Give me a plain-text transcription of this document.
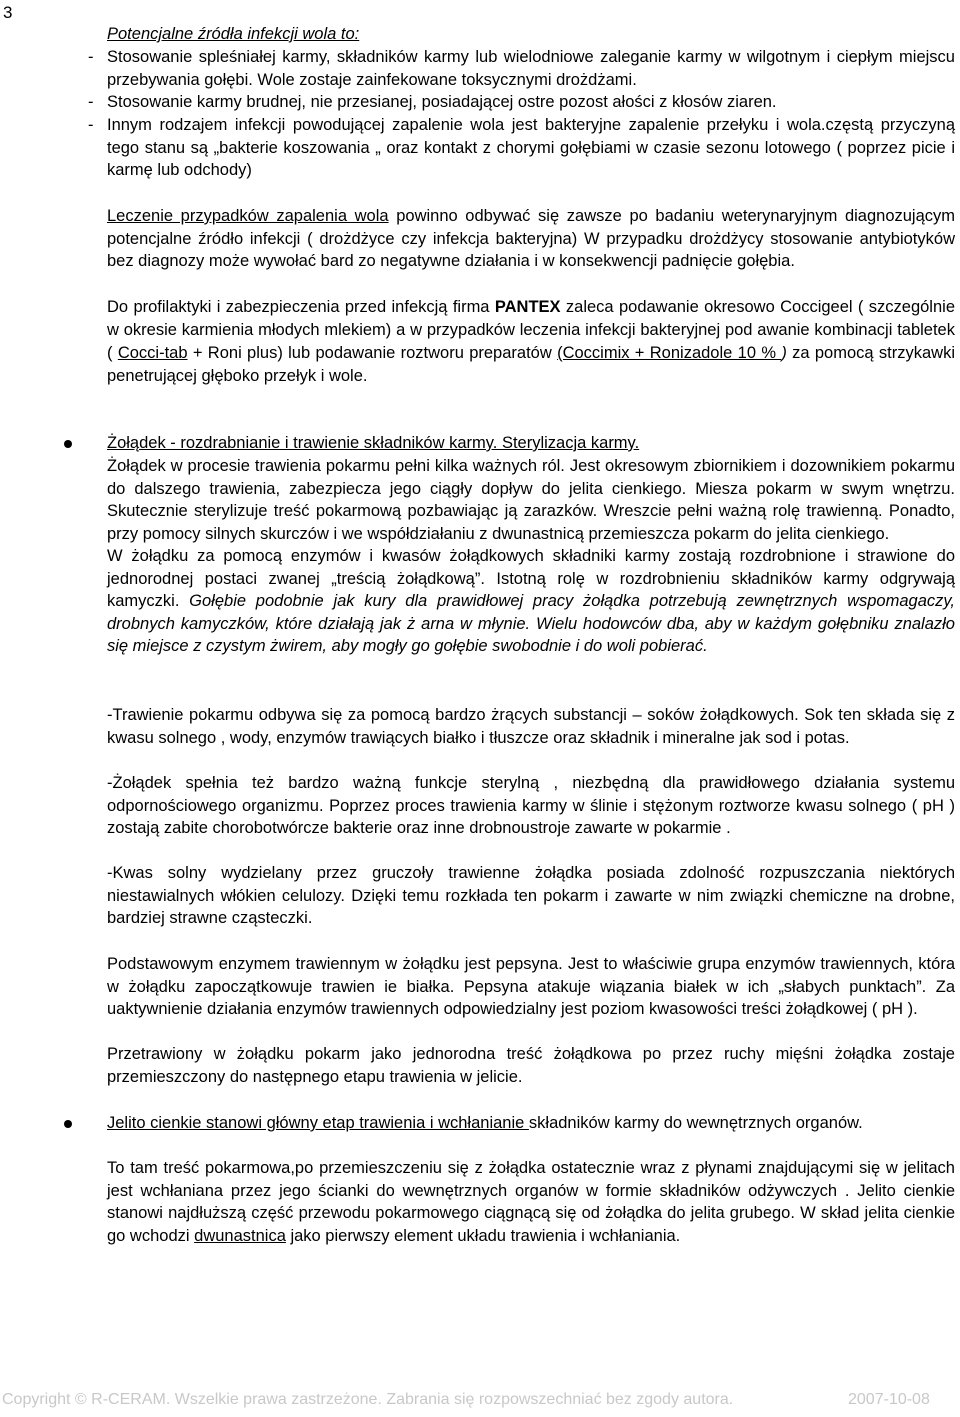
3
Potencjalne źródła infekcji wola to:
- Stosowanie spleśniałej karmy, składników karmy lub wielodniowe zaleganie karmy w wilgotnym i ciepłym miejscu przebywania gołębi. Wole zostaje zainfekowane toksycznymi drożdżami.
- Stosowanie karmy brudnej, nie przesianej, posiadającej ostre pozost ałości z kłosów ziaren.
- Innym rodzajem infekcji powodującej zapalenie wola jest bakteryjne zapalenie przełyku i wola.częstą przyczyną tego stanu są „bakterie koszowania „ oraz kontakt z chorymi gołębiami w czasie sezonu lotowego ( poprzez picie i karmę lub odchody)
Leczenie przypadków zapalenia wola powinno odbywać się zawsze po badaniu weterynaryjnym diagnozującym potencjalne źródło infekcji ( drożdżyce czy infekcja bakteryjna) W przypadku drożdżycy stosowanie antybiotyków bez diagnozy może wywołać bard zo negatywne działania i w konsekwencji padnięcie gołębia.
Do profilaktyki i zabezpieczenia przed infekcją firma PANTEX zaleca podawanie okresowo Coccigeel ( szczególnie w okresie karmienia młodych mlekiem) a w przypadków leczenia infekcji bakteryjnej pod awanie kombinacji tabletek ( Cocci-tab + Roni plus) lub podawanie roztworu preparatów (Coccimix + Ronizadole 10 % ) za pomocą strzykawki penetrującej głęboko przełyk i wole.
Żołądek - rozdrabnianie i trawienie składników karmy. Sterylizacja karmy.
Żołądek w procesie trawienia pokarmu pełni kilka ważnych ról. Jest okresowym zbiornikiem i dozownikiem pokarmu do dalszego trawienia, zabezpiecza jego ciągły dopływ do jelita cienkiego. Miesza pokarm w swym wnętrzu. Skutecznie sterylizuje treść pokarmową pozbawiając ją zarazków. Wreszcie pełni ważną rolę trawienną. Ponadto, przy pomocy silnych skurczów i we współdziałaniu z dwunastnicą przemieszcza pokarm do jelita cienkiego.
W żołądku za pomocą enzymów i kwasów żołądkowych składniki karmy zostają rozdrobnione i strawione do jednorodnej postaci zwanej „treścią żołądkową”. Istotną rolę w rozdrobnieniu składników karmy odgrywają kamyczki. Gołębie podobnie jak kury dla prawidłowej pracy żołądka potrzebują zewnętrznych wspomagaczy, drobnych kamyczków, które działają jak ż arna w młynie. Wielu hodowców dba, aby w każdym gołębniku znalazło się miejsce z czystym żwirem, aby mogły go gołębie swobodnie i do woli pobierać.
-Trawienie pokarmu odbywa się za pomocą bardzo żrących substancji – soków żołądkowych. Sok ten składa się z kwasu solnego , wody, enzymów trawiących białko i tłuszcze oraz składnik i mineralne jak sod i potas.
-Żołądek spełnia też bardzo ważną funkcje sterylną , niezbędną dla prawidłowego działania systemu odpornościowego organizmu. Poprzez proces trawienia karmy w ślinie i stężonym roztworze kwasu solnego ( pH ) zostają zabite chorobotwórcze bakterie oraz inne drobnoustroje zawarte w pokarmie .
-Kwas solny wydzielany przez gruczoły trawienne żołądka posiada zdolność rozpuszczania niektórych niestawialnych włókien celulozy. Dzięki temu rozkłada ten pokarm i zawarte w nim związki chemiczne na drobne, bardziej strawne cząsteczki.
Podstawowym enzymem trawiennym w żołądku jest pepsyna. Jest to właściwie grupa enzymów trawiennych, która w żołądku zapoczątkowuje trawien ie białka. Pepsyna atakuje wiązania białek w ich „słabych punktach”. Za uaktywnienie działania enzymów trawiennych odpowiedzialny jest poziom kwasowości treści żołądkowej ( pH ).
Przetrawiony w żołądku pokarm jako jednorodna treść żołądkowa po przez ruchy mięśni żołądka zostaje przemieszczony do następnego etapu trawienia w jelicie.
Jelito cienkie stanowi główny etap trawienia i wchłanianie składników karmy do wewnętrznych organów.
To tam treść pokarmowa,po przemieszczeniu się z żołądka ostatecznie wraz z płynami znajdującymi się w jelitach jest wchłaniana przez jego ścianki do wewnętrznych organów w formie składników odżywczych . Jelito cienkie stanowi najdłuższą część przewodu pokarmowego ciągnącą się od żołądka do jelita grubego. W skład jelita cienkie go wchodzi dwunastnica jako pierwszy element układu trawienia i wchłaniania.
Copyright © R-CERAM. Wszelkie prawa zastrzeżone. Zabrania się rozpowszechniać bez zgody autora.	2007-10-08
